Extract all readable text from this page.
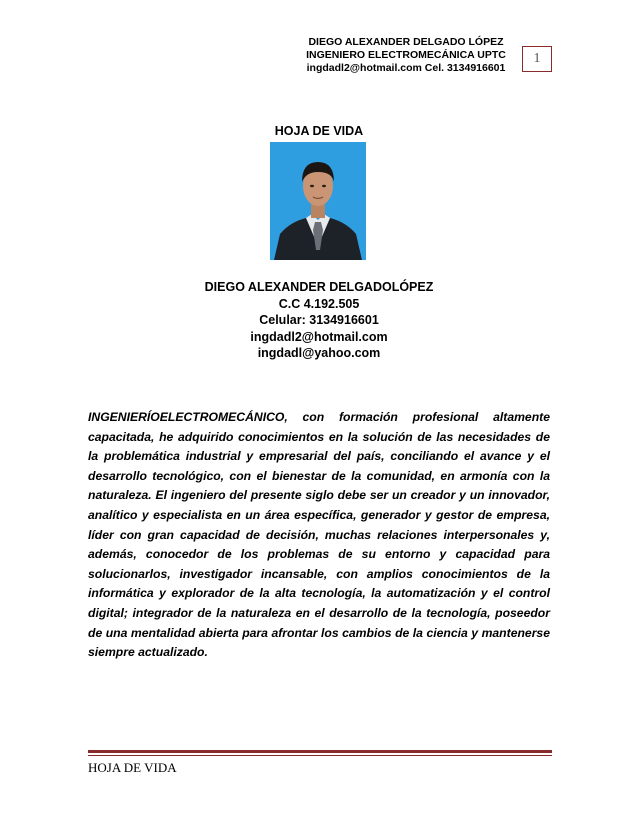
DIEGO ALEXANDER DELGADO LÓPEZ
INGENIERO ELECTROMECÁNICA UPTC
ingdadl2@hotmail.com Cel. 3134916601
1
HOJA DE VIDA
DIEGO ALEXANDER DELGADOLÓPEZ
C.C 4.192.505
Celular: 3134916601
ingdadl2@hotmail.com
ingdadl@yahoo.com
INGENIERÍOELECTROMECÁNICO, con formación profesional altamente capacitada, he adquirido conocimientos en la solución de las necesidades de la problemática industrial y empresarial del país, conciliando el avance y el desarrollo tecnológico, con el bienestar de la comunidad, en armonía con la naturaleza. El ingeniero del presente siglo debe ser un creador y un innovador, analítico y especialista en un área específica, generador y gestor de empresa, líder con gran capacidad de decisión, muchas relaciones interpersonales y, además, conocedor de los problemas de su entorno y capacidad para solucionarlos, investigador incansable, con amplios conocimientos de la informática y explorador de la alta tecnología, la automatización y el control digital; integrador de la naturaleza en el desarrollo de la tecnología, poseedor de una mentalidad abierta para afrontar los cambios de la ciencia y mantenerse siempre actualizado.
HOJA DE VIDA
